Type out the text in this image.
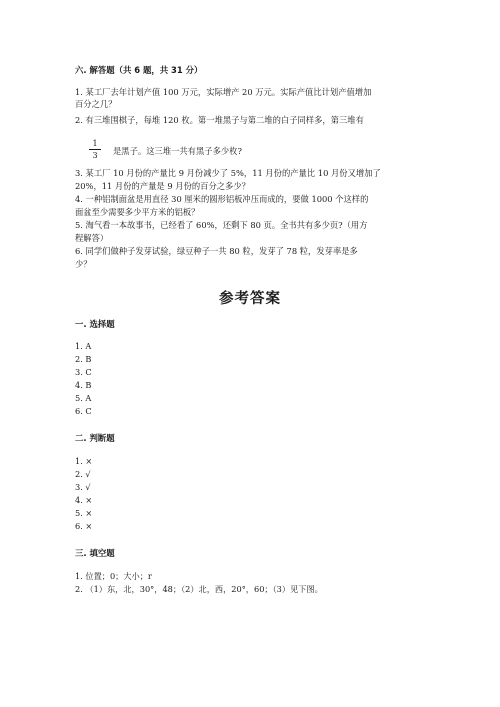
六. 解答题（共 6 题，共 31 分）
1. 某工厂去年计划产值 100 万元，实际增产 20 万元。实际产值比计划产值增加
百分之几？
2. 有三堆围棋子，每堆 120 枚。第一堆黑子与第二堆的白子同样多，第三堆有
1
3	是黑子。这三堆一共有黑子多少枚?
3. 某工厂 10 月份的产量比 9 月份减少了 5%，11 月份的产量比 10 月份又增加了
20%，11 月份的产量是 9 月份的百分之多少？
4. 一种铝制面盆是用直径 30 厘米的圆形铝板冲压而成的，要做 1000 个这样的
面盆至少需要多少平方米的铝板？
5. 淘气看一本故事书，已经看了 60%，还剩下 80 页。全书共有多少页?（用方
程解答）
6. 同学们做种子发芽试验，绿豆种子一共 80 粒，发芽了 78 粒，发芽率是多
少？
参考答案
一. 选择题
1. A
2. B
3. C
4. B
5. A
6. C
二. 判断题
1. ×
2. √
3. √
4. ×
5. ×
6. ×
三. 填空题
1. 位置；0；大小；r
2. （1）东，北，30°，48；（2）北，西，20°，60；（3）见下图。
